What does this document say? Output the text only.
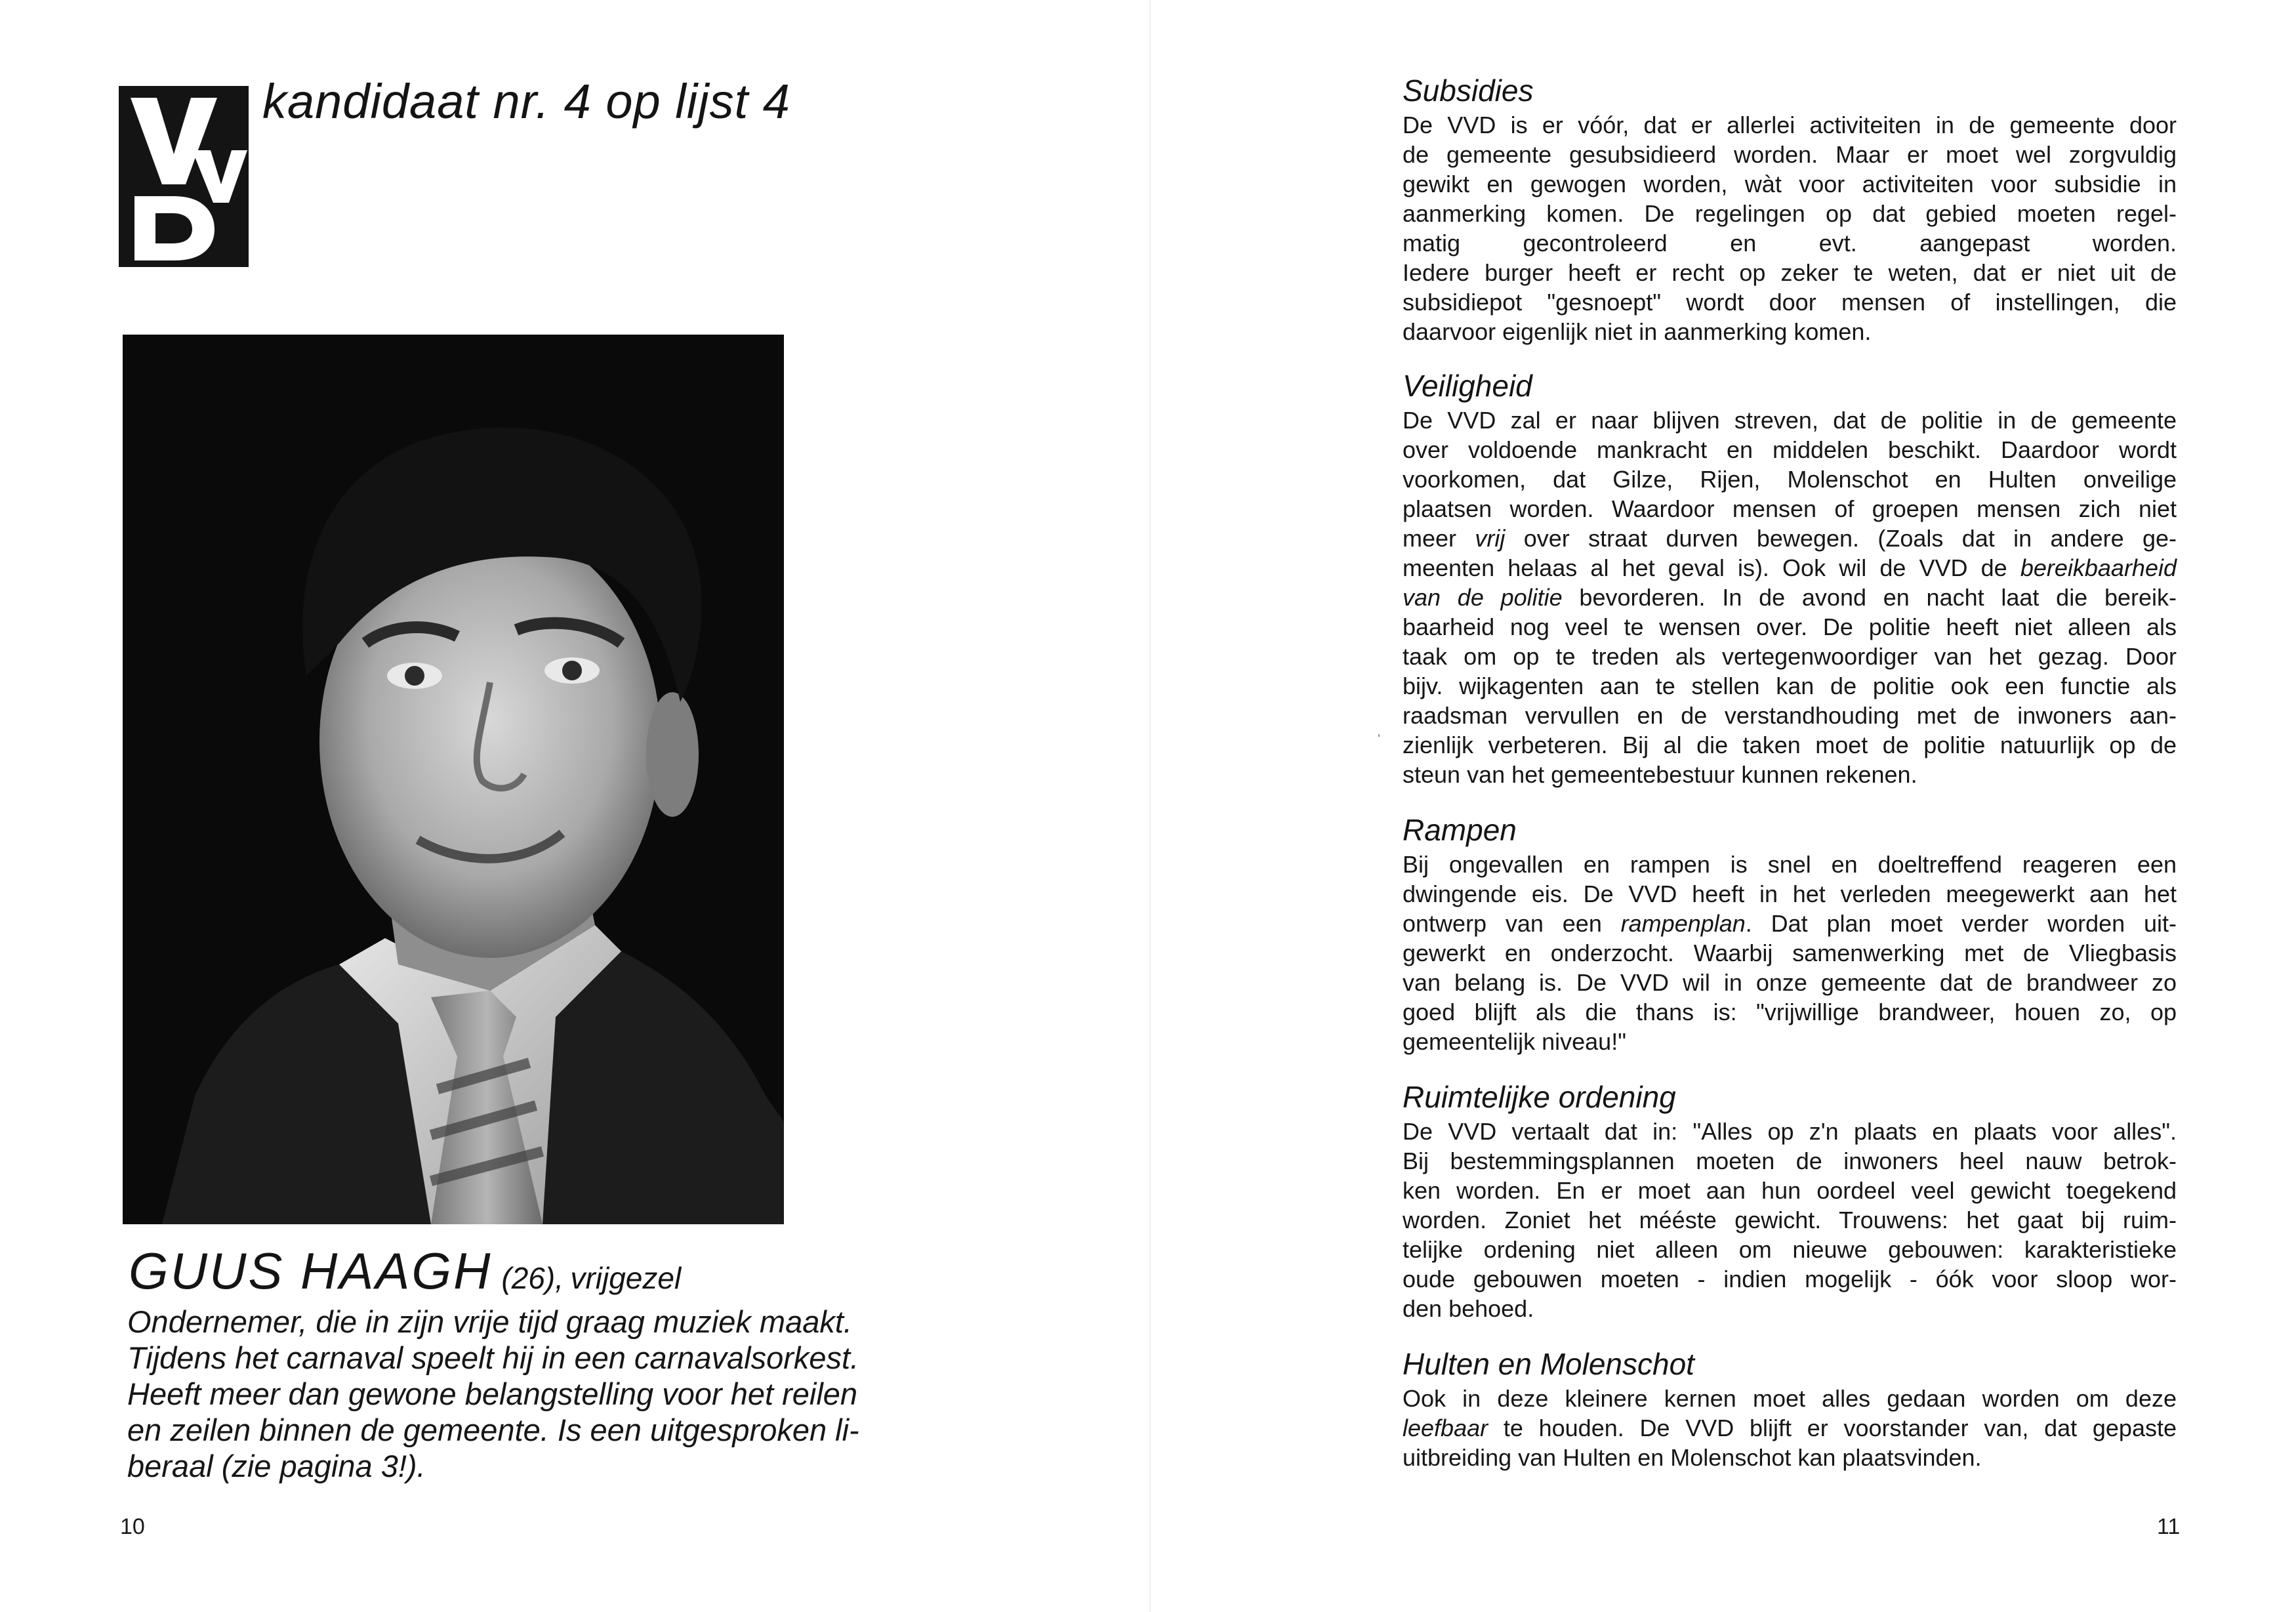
kandidaat nr. 4 op lijst 4
GUUS HAAGH (26), vrijgezel
Ondernemer, die in zijn vrije tijd graag muziek maakt.
Tijdens het carnaval speelt hij in een carnavalsorkest.
Heeft meer dan gewone belangstelling voor het reilen
en zeilen binnen de gemeente. Is een uitgesproken li-
beraal (zie pagina 3!).
10
ˌ
Subsidies
De VVD is er vóór, dat er allerlei activiteiten in de gemeente door
de gemeente gesubsidieerd worden. Maar er moet wel zorgvuldig
gewikt en gewogen worden, wàt voor activiteiten voor subsidie in
aanmerking komen. De regelingen op dat gebied moeten regel-
matig gecontroleerd en evt. aangepast worden.
Iedere burger heeft er recht op zeker te weten, dat er niet uit de
subsidiepot "gesnoept" wordt door mensen of instellingen, die
daarvoor eigenlijk niet in aanmerking komen.
Veiligheid
De VVD zal er naar blijven streven, dat de politie in de gemeente
over voldoende mankracht en middelen beschikt. Daardoor wordt
voorkomen, dat Gilze, Rijen, Molenschot en Hulten onveilige
plaatsen worden. Waardoor mensen of groepen mensen zich niet
meer vrij over straat durven bewegen. (Zoals dat in andere ge-
meenten helaas al het geval is). Ook wil de VVD de bereikbaarheid
van de politie bevorderen. In de avond en nacht laat die bereik-
baarheid nog veel te wensen over. De politie heeft niet alleen als
taak om op te treden als vertegenwoordiger van het gezag. Door
bijv. wijkagenten aan te stellen kan de politie ook een functie als
raadsman vervullen en de verstandhouding met de inwoners aan-
zienlijk verbeteren. Bij al die taken moet de politie natuurlijk op de
steun van het gemeentebestuur kunnen rekenen.
Rampen
Bij ongevallen en rampen is snel en doeltreffend reageren een
dwingende eis. De VVD heeft in het verleden meegewerkt aan het
ontwerp van een rampenplan. Dat plan moet verder worden uit-
gewerkt en onderzocht. Waarbij samenwerking met de Vliegbasis
van belang is. De VVD wil in onze gemeente dat de brandweer zo
goed blijft als die thans is: "vrijwillige brandweer, houen zo, op
gemeentelijk niveau!"
Ruimtelijke ordening
De VVD vertaalt dat in: "Alles op z'n plaats en plaats voor alles".
Bij bestemmingsplannen moeten de inwoners heel nauw betrok-
ken worden. En er moet aan hun oordeel veel gewicht toegekend
worden. Zoniet het mééste gewicht. Trouwens: het gaat bij ruim-
telijke ordening niet alleen om nieuwe gebouwen: karakteristieke
oude gebouwen moeten - indien mogelijk - óók voor sloop wor-
den behoed.
Hulten en Molenschot
Ook in deze kleinere kernen moet alles gedaan worden om deze
leefbaar te houden. De VVD blijft er voorstander van, dat gepaste
uitbreiding van Hulten en Molenschot kan plaatsvinden.
11
